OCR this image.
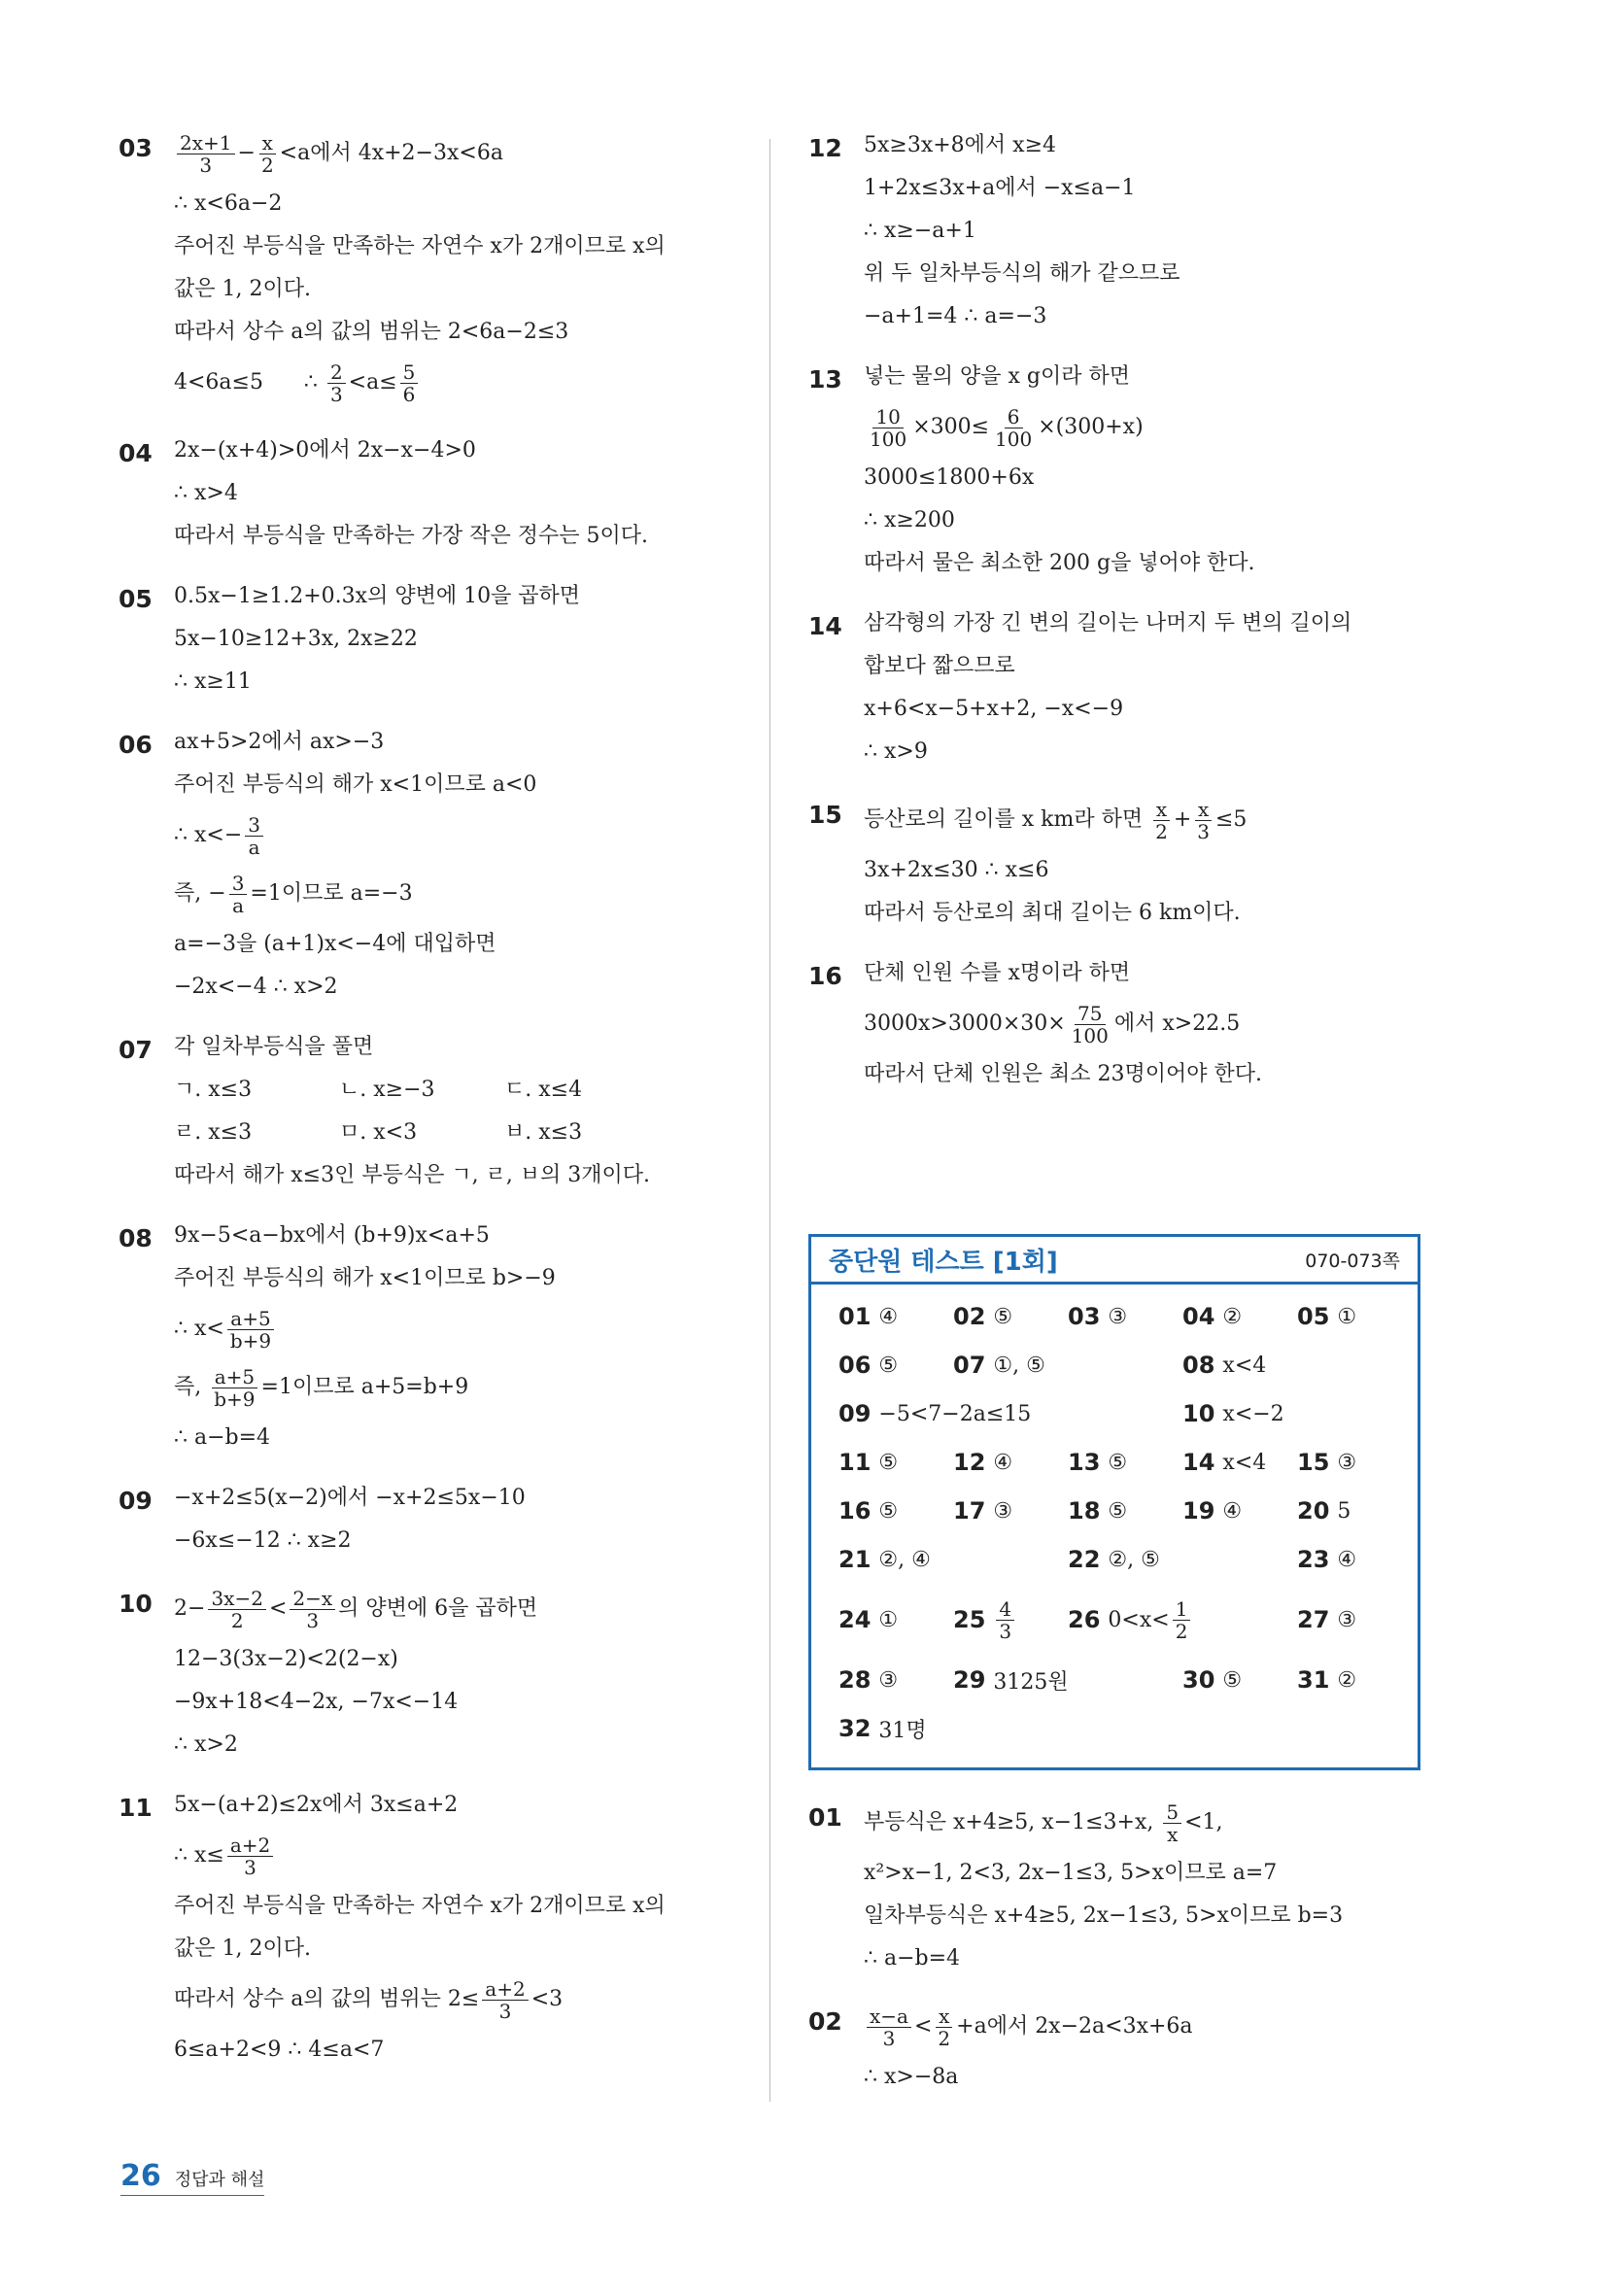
$03 \frac{2x+1}{3} - \frac{x}{2} <a$에서 4x+2−3x<6a
∴ x<6a−2
주어진 부등식을 만족하는 자연수 x가 2개이므로 x의
값은 1, 2이다.
따라서 상수 a의 값의 범위는 2<6a−2≤3
4<6a≤5      ∴ $\frac{2}{3} <a\le \frac{5}{6}$
04 2x−(x+4)>0에서 2x−x−4>0
∴ x>4
따라서 부등식을 만족하는 가장 작은 정수는 5이다.
05 0.5x−1≥1.2+0.3x의 양변에 10을 곱하면
5x−10≥12+3x, 2x≥22
∴ x≥11
06 ax+5>2에서 ax>−3
주어진 부등식의 해가 x<1이므로 a<0
∴ $x<- \frac{3}{a}$
즉, − $\frac{3}{a} =1$이므로 a=−3
a=−3을 (a+1)x<−4에 대입하면
−2x<−4 ∴ x>2
07 각 일차부등식을 풀면
ㄱ. x≤3	ㄴ. x≥−3	ㄷ. x≤4
ㄹ. x≤3	ㅁ. x<3	ㅂ. x≤3
따라서 해가 x≤3인 부등식은 ㄱ, ㄹ, ㅂ의 3개이다.
08 9x−5<a−bx에서 (b+9)x<a+5
주어진 부등식의 해가 x<1이므로 b>−9
∴ $x< \frac{a+5}{b+9}$
즉, $\frac{a+5}{b+9} =1$이므로 a+5=b+9
∴ a−b=4
09 −x+2≤5(x−2)에서 −x+2≤5x−10
−6x≤−12 ∴ x≥2
10 $2- \frac{3x-2}{2} < \frac{2-x}{3}$ 의 양변에 6을 곱하면
12−3(3x−2)<2(2−x)
−9x+18<4−2x, −7x<−14
∴ x>2
11 5x−(a+2)≤2x에서 3x≤a+2
∴ $x\le \frac{a+2}{3}$
주어진 부등식을 만족하는 자연수 x가 2개이므로 x의
값은 1, 2이다.
따라서 상수 a의 값의 범위는 $2\le \frac{a+2}{3} <3$
6≤a+2<9 ∴ 4≤a<7
12 5x≥3x+8에서 x≥4
1+2x≤3x+a에서 −x≤a−1
∴ x≥−a+1
위 두 일차부등식의 해가 같으므로
−a+1=4 ∴ a=−3
13 넣는 물의 양을 x g이라 하면
$\frac{10}{100} \times 300\le \frac{6}{100} \times(300+x)$
3000≤1800+6x
∴ x≥200
따라서 물은 최소한 200 g을 넣어야 한다.
14 삼각형의 가장 긴 변의 길이는 나머지 두 변의 길이의
합보다 짧으므로
x+6<x−5+x+2, −x<−9
∴ x>9
15 등산로의 길이를 x km라 하면 $\frac{x}{2} + \frac{x}{3} \le 5$
3x+2x≤30 ∴ x≤6
따라서 등산로의 최대 길이는 6 km이다.
16 단체 인원 수를 x명이라 하면
$3000x>3000\times 30\times \frac{75}{100}$ 에서 x>22.5
따라서 단체 인원은 최소 23명이어야 한다.
중단원 테스트 [1회]	070-073쪽
01 ④ 02 ⑤ 03 ③ 04 ② 05 ①
06 ⑤ 07 ①, ⑤	08 x<4
09 −5<7−2a≤15	10 x<−2
11 ⑤ 12 ④ 13 ⑤ 14 x<4 15 ③
16 ⑤ 17 ③ 18 ⑤ 19 ④ 20 5
21 ②, ④	22 ②, ⑤	23 ④
24 ① $25 \frac{4}{3} 26$ $0<x< \frac{1}{2}$	27 ③
28 ③ 29 3125원	30 ⑤ 31 ②
32 31명
01 부등식은 x+4≥5, x−1≤3+x, $\frac{5}{x} <1$,
x²>x−1, 2<3, 2x−1≤3, 5>x이므로 a=7
일차부등식은 x+4≥5, 2x−1≤3, 5>x이므로 b=3
∴ a−b=4
$02 \frac{x-a}{3} < \frac{x}{2} +a$에서 2x−2a<3x+6a
∴ x>−8a
26 정답과 해설
